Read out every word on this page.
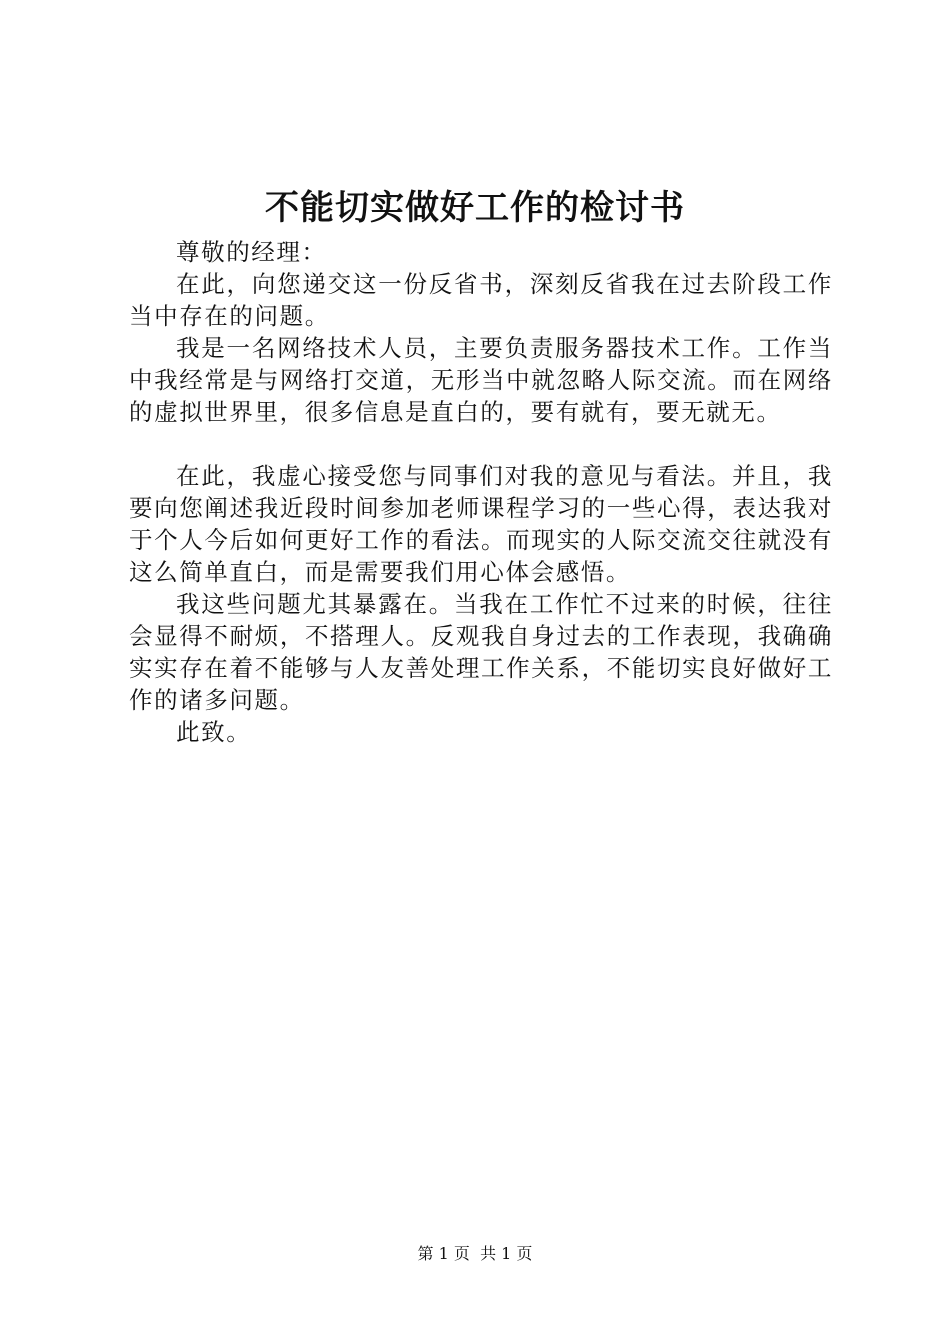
不能切实做好工作的检讨书

尊敬的经理：

在此，向您递交这一份反省书，深刻反省我在过去阶段工作当中存在的问题。

我是一名网络技术人员，主要负责服务器技术工作。工作当中我经常是与网络打交道，无形当中就忽略人际交流。而在网络的虚拟世界里，很多信息是直白的，要有就有，要无就无。

在此，我虚心接受您与同事们对我的意见与看法。并且，我要向您阐述我近段时间参加老师课程学习的一些心得，表达我对于个人今后如何更好工作的看法。而现实的人际交流交往就没有这么简单直白，而是需要我们用心体会感悟。

我这些问题尤其暴露在。当我在工作忙不过来的时候，往往会显得不耐烦，不搭理人。反观我自身过去的工作表现，我确确实实存在着不能够与人友善处理工作关系，不能切实良好做好工作的诸多问题。

此致。

第 1 页  共 1 页
